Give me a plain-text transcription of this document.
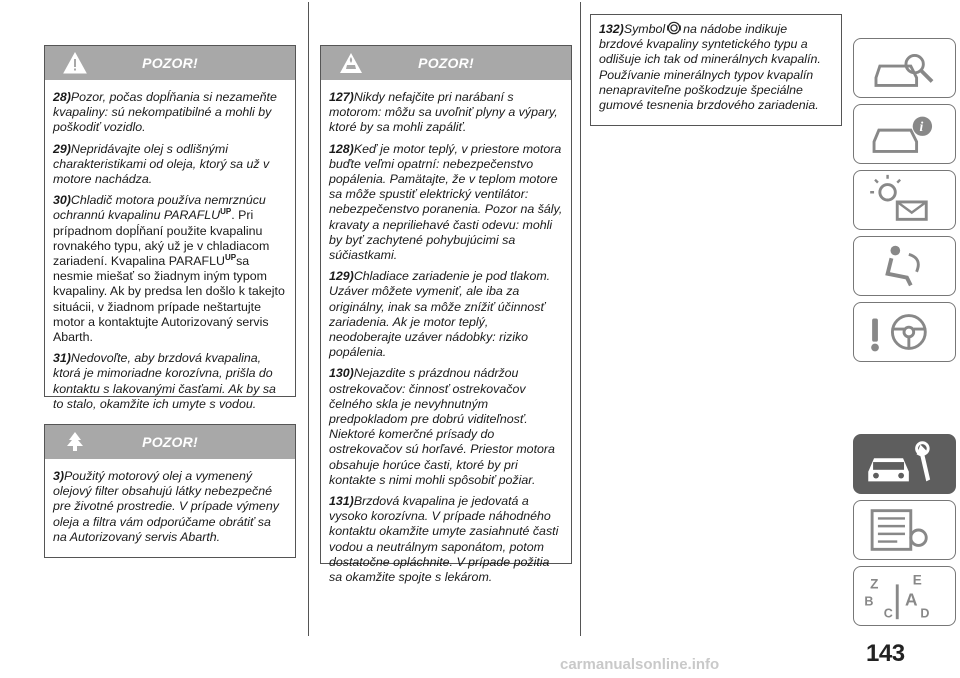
POZOR!

28)Pozor, počas dopĺňania si nezameňte kvapaliny: sú nekompatibilné a mohli by poškodiť vozidlo.

29)Nepridávajte olej s odlišnými charakteristikami od oleja, ktorý sa už v motore nachádza.

30)Chladič motora používa nemrznúcu ochrannú kvapalinu $PARAFLU^{UP}$. Pri prípadnom dopĺňaní použite kvapalinu rovnakého typu, aký už je v chladiacom zariadení. Kvapalina $PARAFLU^{UP}sa$ nesmie miešať so žiadnym iným typom kvapaliny. Ak by predsa len došlo k takejto situácii, v žiadnom prípade neštartujte motor a kontaktujte Autorizovaný servis Abarth.

31)Nedovoľte, aby brzdová kvapalina, ktorá je mimoriadne korozívna, prišla do kontaktu s lakovanými časťami. Ak by sa to stalo, okamžite ich umyte s vodou.

POZOR!

3)Použitý motorový olej a vymenený olejový filter obsahujú látky nebezpečné pre životné prostredie. V prípade výmeny oleja a filtra vám odporúčame obrátiť sa na Autorizovaný servis Abarth.

POZOR!

127)Nikdy nefajčite pri narábaní s motorom: môžu sa uvoľniť plyny a výpary, ktoré by sa mohli zapáliť.

128)Keď je motor teplý, v priestore motora buďte veľmi opatrní: nebezpečenstvo popálenia. Pamätajte, že v teplom motore sa môže spustiť elektrický ventilátor: nebezpečenstvo poranenia. Pozor na šály, kravaty a nepriliehavé časti odevu: mohli by byť zachytené pohybujúcimi sa súčiastkami.

129)Chladiace zariadenie je pod tlakom. Uzáver môžete vymeniť, ale iba za originálny, inak sa môže znížiť účinnosť zariadenia. Ak je motor teplý, neodoberajte uzáver nádobky: riziko popálenia.

130)Nejazdite s prázdnou nádržou ostrekovačov: činnosť ostrekovačov čelného skla je nevyhnutným predpokladom pre dobrú viditeľnosť. Niektoré komerčné prísady do ostrekovačov sú horľavé. Priestor motora obsahuje horúce časti, ktoré by pri kontakte s nimi mohli spôsobiť požiar.

131)Brzdová kvapalina je jedovatá a vysoko korozívna. V prípade náhodného kontaktu okamžite umyte zasiahnuté časti vodou a neutrálnym saponátom, potom dostatočne opláchnite. V prípade požitia sa okamžite spojte s lekárom.

132)Symbol na nádobe indikuje brzdové kvapaliny syntetického typu a odlišuje ich tak od minerálnych kvapalín. Používanie minerálnych typov kvapalín nenapraviteľne poškodzuje špeciálne gumové tesnenia brzdového zariadenia.

i
Z E
B A
C D
143
carmanualsonline.info
